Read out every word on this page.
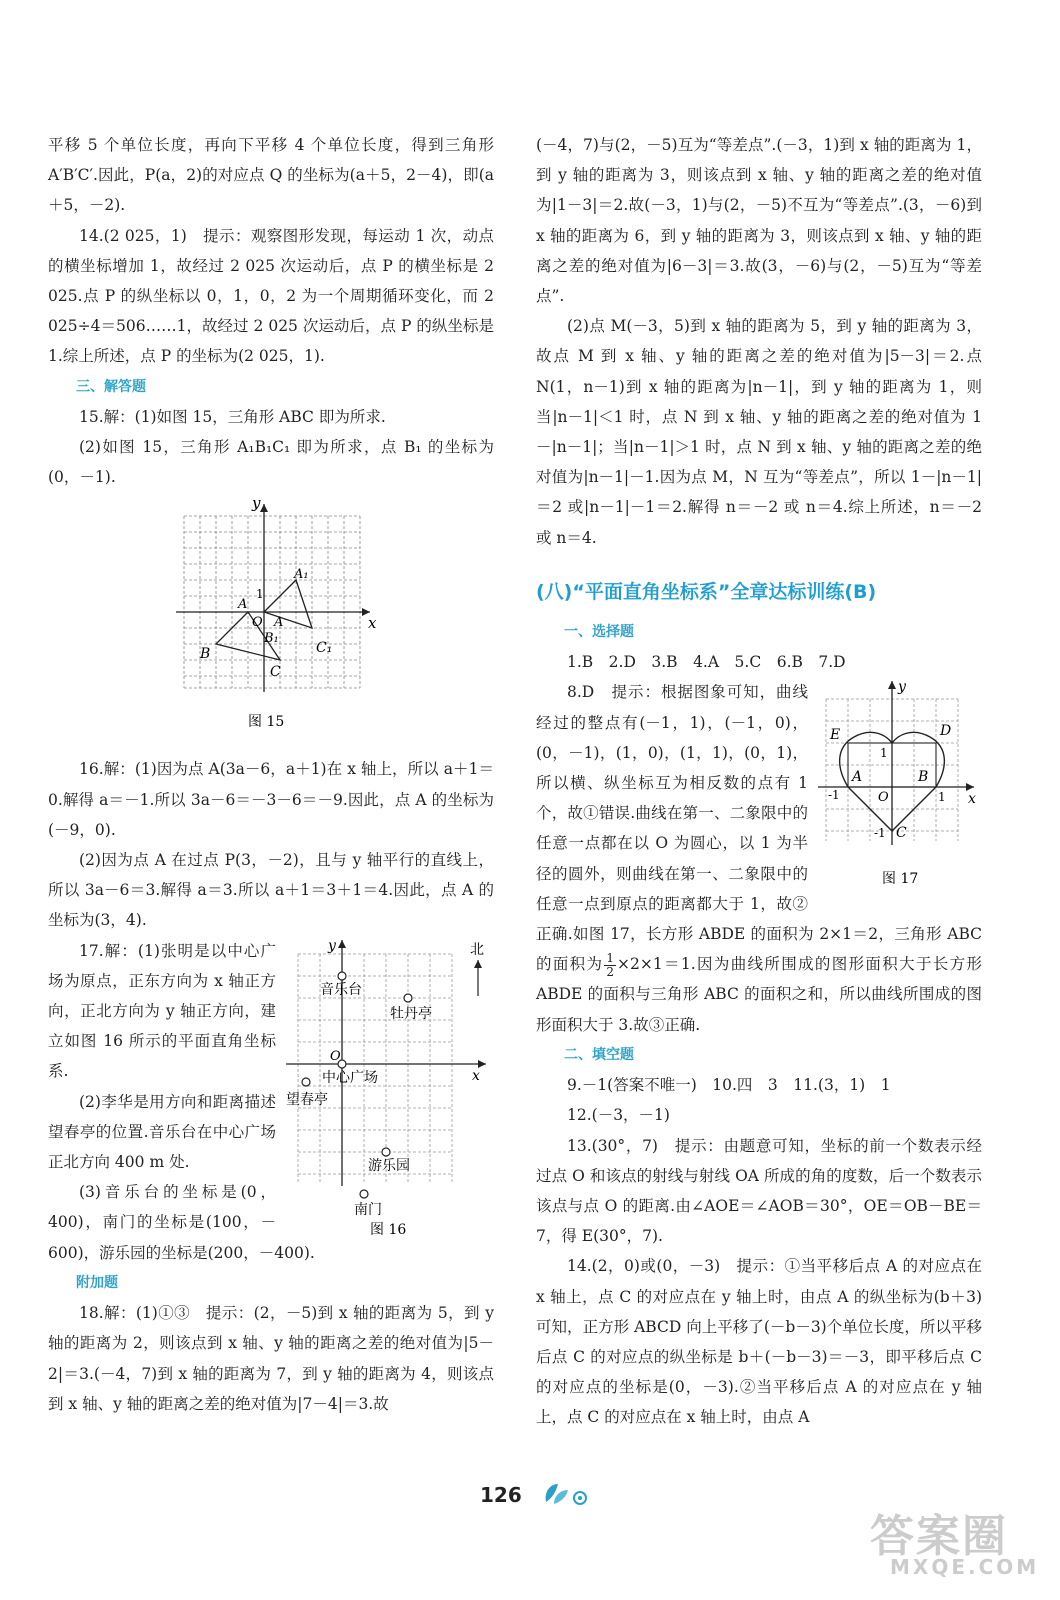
平移 5 个单位长度，再向下平移 4 个单位长度，得到三角形 A′B′C′.因此，P(a，2)的对应点 Q 的坐标为(a＋5，2－4)，即(a＋5，－2).

14.(2 025，1)　提示：观察图形发现，每运动 1 次，动点的横坐标增加 1，故经过 2 025 次运动后，点 P 的横坐标是 2 025.点 P 的纵坐标以 0，1，0，2 为一个周期循环变化，而 2 025÷4＝506……1，故经过 2 025 次运动后，点 P 的纵坐标是 1.综上所述，点 P 的坐标为(2 025，1).

三、解答题

15.解：(1)如图 15，三角形 ABC 即为所求.

(2)如图 15，三角形 A₁B₁C₁ 即为所求，点 B₁ 的坐标为(0，－1).

y
x
A₁
1
A
O A
B₁
B	C₁
C
图 15

16.解：(1)因为点 A(3a－6，a＋1)在 x 轴上，所以 a＋1＝0.解得 a＝－1.所以 3a－6＝－3－6＝－9.因此，点 A 的坐标为(－9，0).

(2)因为点 A 在过点 P(3，－2)，且与 y 轴平行的直线上，所以 3a－6＝3.解得 a＝3.所以 a＋1＝3＋1＝4.因此，点 A 的坐标为(3，4).

y
x
北
音乐台
牡丹亭
O
中心广场
望春亭
游乐园
南门
图 16

17.解：(1)张明是以中心广场为原点，正东方向为 x 轴正方向，正北方向为 y 轴正方向，建立如图 16 所示的平面直角坐标系.

(2)李华是用方向和距离描述望春亭的位置.音乐台在中心广场正北方向 400 m 处.

(3)音乐台的坐标是(0，400)，南门的坐标是(100，－600)，游乐园的坐标是(200，－400).

附加题

18.解：(1)①③　提示：(2，－5)到 x 轴的距离为 5，到 y 轴的距离为 2，则该点到 x 轴、y 轴的距离之差的绝对值为|5－2|＝3.(－4，7)到 x 轴的距离为 7，到 y 轴的距离为 4，则该点到 x 轴、y 轴的距离之差的绝对值为|7－4|＝3.故

(－4，7)与(2，－5)互为“等差点”.(－3，1)到 x 轴的距离为 1，到 y 轴的距离为 3，则该点到 x 轴、y 轴的距离之差的绝对值为|1－3|＝2.故(－3，1)与(2，－5)不互为“等差点”.(3，－6)到 x 轴的距离为 6，到 y 轴的距离为 3，则该点到 x 轴、y 轴的距离之差的绝对值为|6－3|＝3.故(3，－6)与(2，－5)互为“等差点”.

(2)点 M(－3，5)到 x 轴的距离为 5，到 y 轴的距离为 3，故点 M 到 x 轴、y 轴的距离之差的绝对值为|5－3|＝2.点 N(1，n－1)到 x 轴的距离为|n－1|，到 y 轴的距离为 1，则当|n－1|＜1 时，点 N 到 x 轴、y 轴的距离之差的绝对值为 1－|n－1|；当|n－1|＞1 时，点 N 到 x 轴、y 轴的距离之差的绝对值为|n－1|－1.因为点 M，N 互为“等差点”，所以 1－|n－1|＝2 或|n－1|－1＝2.解得 n＝－2 或 n＝4.综上所述，n＝－2 或 n＝4.

(八)“平面直角坐标系”全章达标训练(B)

一、选择题

1.B　2.D　3.B　4.A　5.C　6.B　7.D

y
x
E	D
1
A	B
-1	O	1
-1 C
图 17

8.D　提示：根据图象可知，曲线经过的整点有(－1，1)，(－1，0)，(0，－1)，(1，0)，(1，1)，(0，1)，所以横、纵坐标互为相反数的点有 1 个，故①错误.曲线在第一、二象限中的任意一点都在以 O 为圆心，以 1 为半径的圆外，则曲线在第一、二象限中的任意一点到原点的距离都大于 1，故②正确.如图 17，长方形 ABDE 的面积为 2×1＝2，三角形 ABC 的面积为 $\frac{1}{2} \times 2\times 1=1$.因为曲线所围成的图形面积大于长方形 ABDE 的面积与三角形 ABC 的面积之和，所以曲线所围成的图形面积大于 3.故③正确.

二、填空题

9.－1(答案不唯一)　10.四　3　11.(3，1)　1

12.(－3，－1)

13.(30°，7)　提示：由题意可知，坐标的前一个数表示经过点 O 和该点的射线与射线 OA 所成的角的度数，后一个数表示该点与点 O 的距离.由∠AOE＝∠AOB＝30°，OE＝OB－BE＝7，得 E(30°，7).

14.(2，0)或(0，－3)　提示：①当平移后点 A 的对应点在 x 轴上，点 C 的对应点在 y 轴上时，由点 A 的纵坐标为(b＋3)可知，正方形 ABCD 向上平移了(－b－3)个单位长度，所以平移后点 C 的对应点的纵坐标是 b＋(－b－3)＝－3，即平移后点 C 的对应点的坐标是(0，－3).②当平移后点 A 的对应点在 y 轴上，点 C 的对应点在 x 轴上时，由点 A

126
答案圈
MXQE.COM
